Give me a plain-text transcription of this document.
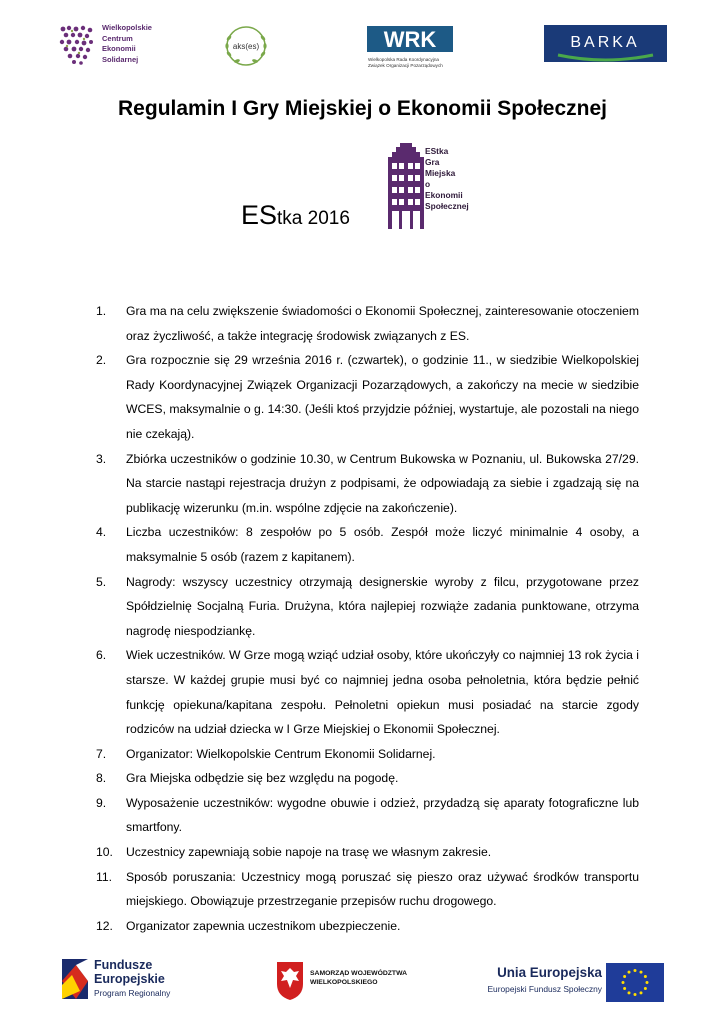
Wielkopolskie
Centrum
Ekonomii
Solidarnej
aks(es)	WRK
Wielkopolska Rada Koordynacyjna
Związek Organizacji Pozarządowych
BARKA
Regulamin I Gry Miejskiej o Ekonomii Społecznej
EStka 2016
EStka
Gra
Miejska
o
Ekonomii
Społecznej
1.	Gra ma na celu zwiększenie świadomości o Ekonomii Społecznej, zainteresowanie otoczeniem oraz życzliwość, a także integrację środowisk związanych z ES.
2.	Gra rozpocznie się 29 września 2016 r. (czwartek), o godzinie 11., w siedzibie Wielkopolskiej Rady Koordynacyjnej Związek Organizacji Pozarządowych, a zakończy na mecie w siedzibie WCES, maksymalnie o g. 14:30. (Jeśli ktoś przyjdzie później, wystartuje, ale pozostali na niego nie czekają).
3.	Zbiórka uczestników o godzinie 10.30, w Centrum Bukowska w Poznaniu, ul. Bukowska 27/29. Na starcie nastąpi rejestracja drużyn z podpisami, że odpowiadają za siebie i zgadzają się na publikację wizerunku (m.in. wspólne zdjęcie na zakończenie).
4.	Liczba uczestników: 8 zespołów po 5 osób. Zespół może liczyć minimalnie 4 osoby, a maksymalnie 5 osób (razem z kapitanem).
5.	Nagrody: wszyscy uczestnicy otrzymają designerskie wyroby z filcu, przygotowane przez Spółdzielnię Socjalną Furia. Drużyna, która najlepiej rozwiąże zadania punktowane, otrzyma nagrodę niespodziankę.
6.	Wiek uczestników. W Grze mogą wziąć udział osoby, które ukończyły co najmniej 13 rok życia i starsze. W każdej grupie musi być co najmniej jedna osoba pełnoletnia, która będzie pełnić funkcję opiekuna/kapitana zespołu. Pełnoletni opiekun musi posiadać na starcie zgody rodziców na udział dziecka w I Grze Miejskiej o Ekonomii Społecznej.
7.	Organizator: Wielkopolskie Centrum Ekonomii Solidarnej.
8.	Gra Miejska odbędzie się bez względu na pogodę.
9.	Wyposażenie uczestników: wygodne obuwie i odzież, przydadzą się aparaty fotograficzne lub smartfony.
10.	Uczestnicy zapewniają sobie napoje na trasę we własnym zakresie.
11.	Sposób poruszania: Uczestnicy mogą poruszać się pieszo oraz używać środków transportu miejskiego. Obowiązuje przestrzeganie przepisów ruchu drogowego.
12.	Organizator zapewnia uczestnikom ubezpieczenie.
Fundusze
Europejskie
Program Regionalny
SAMORZĄD WOJEWÓDZTWA
WIELKOPOLSKIEGO
Unia Europejska
Europejski Fundusz Społeczny
